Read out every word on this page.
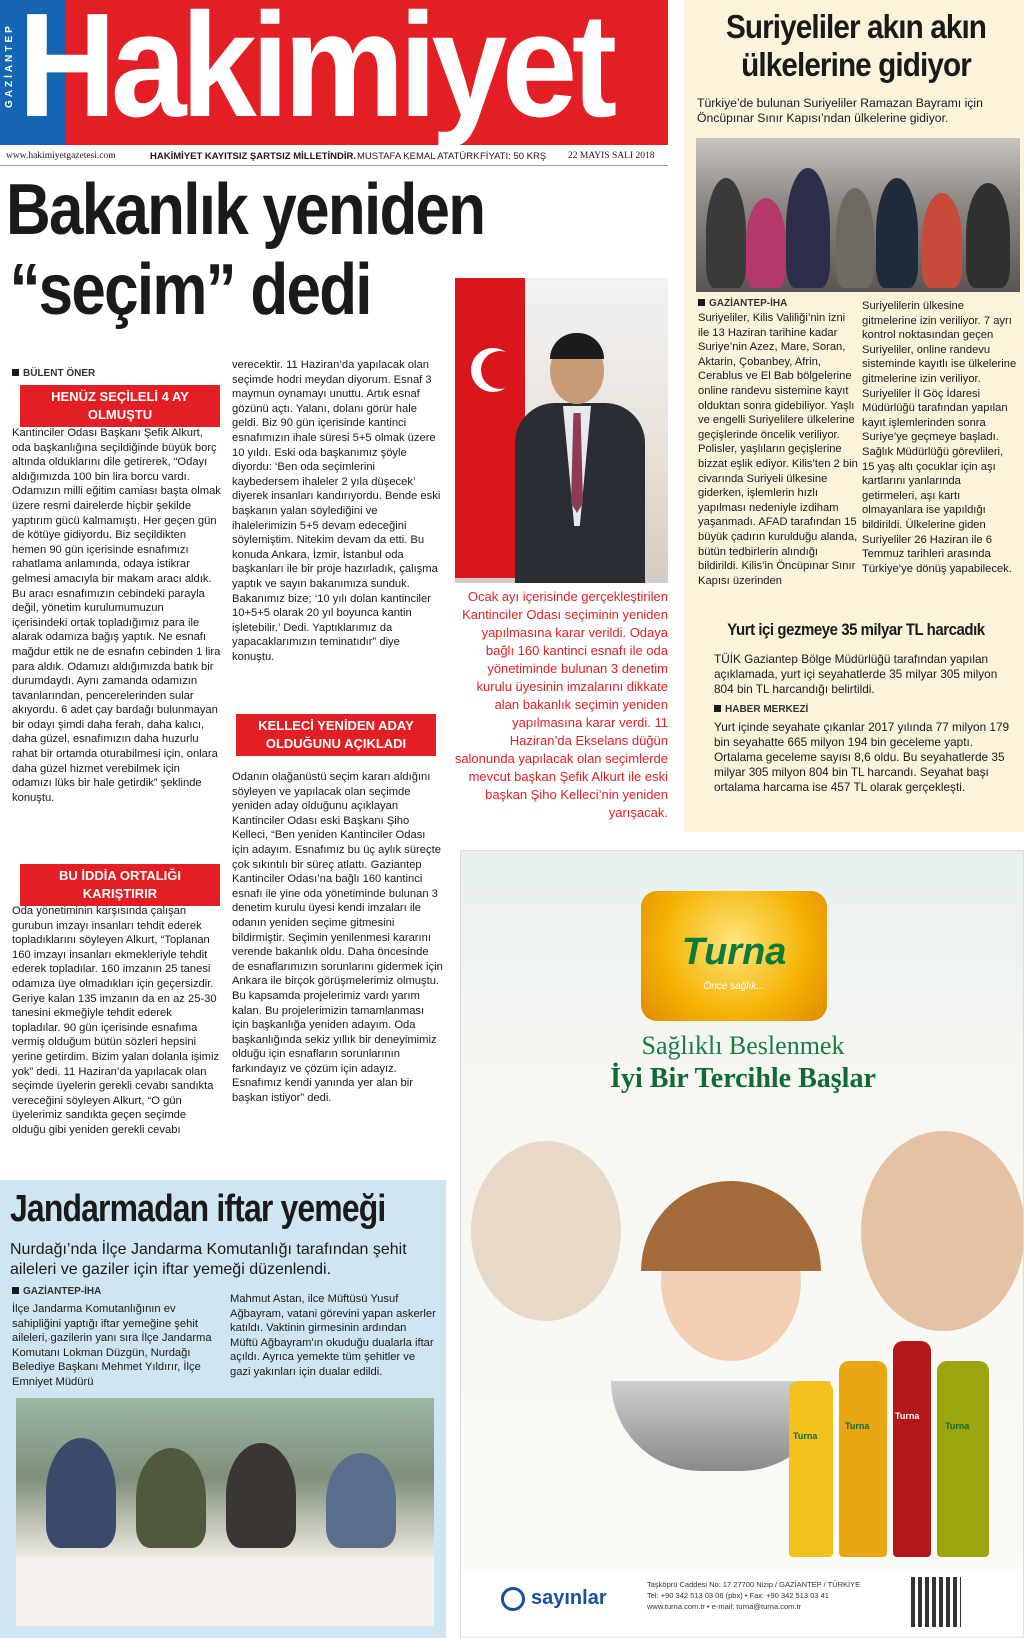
GAZİANTEP Hakimiyet
www.hakimiyetgazetesi.com	HAKİMİYET KAYITSIZ ŞARTSIZ MİLLETİNDİR. MUSTAFA KEMAL ATATÜRK FİYATI: 50 KRŞ 22 MAYIS SALI 2018
Bakanlık yeniden
“seçim” dedi
BÜLENT ÖNER
HENÜZ SEÇİLELİ 4 AY OLMUŞTU

Kantinciler Odası Başkanı Şefik Alkurt, oda başkanlığına seçildiğinde büyük borç altında olduklarını dile getirerek, “Odayı aldığımızda 100 bin lira borcu vardı. Odamızın milli eğitim camiası başta olmak üzere resmi dairelerde hiçbir şekilde yaptırım gücü kalmamıştı. Her geçen gün de kötüye gidiyordu. Biz seçildikten hemen 90 gün içerisinde esnafımızı rahatlama anlamında, odaya istikrar gelmesi amacıyla bir makam aracı aldık. Bu aracı esnafımızın cebindeki parayla değil, yönetim kurulumumuzun içerisindeki ortak topladığımız para ile alarak odamıza bağış yaptık. Ne esnafı mağdur ettik ne de esnafın cebinden 1 lira para aldık. Odamızı aldığımızda batık bir durumdaydı. Aynı zamanda odamızın tavanlarından, pencerelerinden sular akıyordu. 6 adet çay bardağı bulunmayan bir odayı şimdi daha ferah, daha kalıcı, daha güzel, esnafımızın daha huzurlu rahat bir ortamda oturabilmesi için, onlara daha güzel hizmet verebilmek için odamızı lüks bir hale getirdik” şeklinde konuştu.

BU İDDİA ORTALIĞI KARIŞTIRIR

Oda yönetiminin karşısında çalışan gurubun imzayı insanları tehdit ederek topladıklarını söyleyen Alkurt, “Toplanan 160 imzayı insanları ekmekleriyle tehdit ederek topladılar. 160 imzanın 25 tanesi odamıza üye olmadıkları için geçersizdir. Geriye kalan 135 imzanın da en az 25-30 tanesini ekmeğiyle tehdit ederek topladılar. 90 gün içerisinde esnafıma vermiş olduğum bütün sözleri hepsini yerine getirdim. Bizim yalan dolanla işimiz yok” dedi. 11 Haziran’da yapılacak olan seçimde üyelerin gerekli cevabı sandıkta vereceğini söyleyen Alkurt, “O gün üyelerimiz sandıkta geçen seçimde olduğu gibi yeniden gerekli cevabı

verecektir. 11 Haziran’da yapılacak olan seçimde hodri meydan diyorum. Esnaf 3 maymun oynamayı unuttu. Artık esnaf gözünü açtı. Yalanı, dolanı görür hale geldi. Biz 90 gün içerisinde kantinci esnafımızın ihale süresi 5+5 olmak üzere 10 yıldı. Eski oda başkanımız şöyle diyordu: ‘Ben oda seçimlerini kaybedersem ihaleler 2 yıla düşecek’ diyerek insanları kandırıyordu. Bende eski başkanın yalan söylediğini ve ihalelerimizin 5+5 devam edeceğini söylemiştim. Nitekim devam da etti. Bu konuda Ankara, İzmir, İstanbul oda başkanları ile bir proje hazırladık, çalışma yaptık ve sayın bakanımıza sunduk. Bakanımız bize; ‘10 yılı dolan kantinciler 10+5+5 olarak 20 yıl boyunca kantin işletebilir.’ Dedi. Yaptıklarımız da yapacaklarımızın teminatıdır” diye konuştu.

KELLECİ YENİDEN ADAY OLDUĞUNU AÇIKLADI

Odanın olağanüstü seçim kararı aldığını söyleyen ve yapılacak olan seçimde yeniden aday olduğunu açıklayan Kantinciler Odası eski Başkanı Şiho Kelleci, “Ben yeniden Kantinciler Odası için adayım. Esnafımız bu üç aylık süreçte çok sıkıntılı bir süreç atlattı. Gaziantep Kantinciler Odası’na bağlı 160 kantinci esnafı ile yine oda yönetiminde bulunan 3 denetim kurulu üyesi kendi imzaları ile odanın yeniden seçime gitmesini bildirmiştir. Seçimin yenilenmesi kararını verende bakanlık oldu. Daha öncesinde de esnaflarımızın sorunlarını gidermek için Ankara ile birçok görüşmelerimiz olmuştu. Bu kapsamda projelerimiz vardı yarım kalan. Bu projelerimizin tamamlanması için başkanlığa yeniden adayım. Oda başkanlığında sekiz yıllık bir deneyimimiz olduğu için esnafların sorunlarının farkındayız ve çözüm için adayız. Esnafımız kendi yanında yer alan bir başkan istiyor” dedi.

Ocak ayı içerisinde gerçekleştirilen Kantinciler Odası seçiminin yeniden yapılmasına karar verildi. Odaya bağlı 160 kantinci esnafı ile oda yönetiminde bulunan 3 denetim kurulu üyesinin imzalarını dikkate alan bakanlık seçimin yeniden yapılmasına karar verdi. 11 Haziran’da Ekselans düğün salonunda yapılacak olan seçimlerde mevcut başkan Şefik Alkurt ile eski başkan Şiho Kelleci’nin yeniden yarışacak.
Suriyeliler akın akın ülkelerine gidiyor
Türkiye’de bulunan Suriyeliler Ramazan Bayramı için Öncüpınar Sınır Kapısı’ndan ülkelerine gidiyor.
GAZİANTEP-İHA

Suriyeliler, Kilis Valiliği’nin izni ile 13 Haziran tarihine kadar Suriye’nin Azez, Mare, Soran, Aktarin, Çobanbey, Afrin, Cerablus ve El Bab bölgelerine online randevu sistemine kayıt olduktan sonra gidebiliyor. Yaşlı ve engelli Suriyelilere ülkelerine geçişlerinde öncelik veriliyor. Polisler, yaşlıların geçişlerine bizzat eşlik ediyor. Kilis’ten 2 bin civarında Suriyeli ülkesine giderken, işlemlerin hızlı yapılması nedeniyle izdiham yaşanmadı. AFAD tarafından 15 büyük çadırın kurulduğu alanda, bütün tedbirlerin alındığı bildirildi. Kilis’in Öncüpınar Sınır Kapısı üzerinden

Suriyelilerin ülkesine gitmelerine izin veriliyor. 7 ayrı kontrol noktasından geçen Suriyeliler, online randevu sisteminde kayıtlı ise ülkelerine gitmelerine izin veriliyor. Suriyeliler İl Göç İdaresi Müdürlüğü tarafından yapılan kayıt işlemlerinden sonra Suriye’ye geçmeye başladı. Sağlık Müdürlüğü görevlileri, 15 yaş altı çocuklar için aşı kartlarını yanlarında getirmeleri, aşı kartı olmayanlara ise yapıldığı bildirildi. Ülkelerine giden Suriyeliler 26 Haziran ile 6 Temmuz tarihleri arasında Türkiye’ye dönüş yapabilecek.

Yurt içi gezmeye 35 milyar TL harcadık

TÜİK Gaziantep Bölge Müdürlüğü tarafından yapılan açıklamada, yurt içi seyahatlerde 35 milyar 305 milyon 804 bin TL harcandığı belirtildi.

HABER MERKEZİ

Yurt içinde seyahate çıkanlar 2017 yılında 77 milyon 179 bin seyahatte 665 milyon 194 bin geceleme yaptı. Ortalama geceleme sayısı 8,6 oldu. Bu seyahatlerde 35 milyar 305 milyon 804 bin TL harcandı. Seyahat başı ortalama harcama ise 457 TL olarak gerçekleşti.

Jandarmadan iftar yemeği
Nurdağı’nda İlçe Jandarma Komutanlığı tarafından şehit aileleri ve gaziler için iftar yemeği düzenlendi.
GAZİANTEP-İHA

İlçe Jandarma Komutanlığının ev sahipliğini yaptığı iftar yemeğine şehit aileleri, gazilerin yanı sıra İlçe Jandarma Komutanı Lokman Düzgün, Nurdağı Belediye Başkanı Mehmet Yıldırır, İlçe Emniyet Müdürü

Mahmut Astan, ilce Müftüsü Yusuf Ağbayram, vatani görevini yapan askerler katıldı. Vaktinin girmesinin ardından Müftü Ağbayram'ın okuduğu dualarla iftar açıldı. Ayrıca yemekte tüm şehitler ve gazi yakınları için dualar edildi.

Turna
Önce sağlık...
Sağlıklı Beslenmek
İyi Bir Tercihle Başlar
Turna
Turna
Turna
Turna
sayınlar
Taşköprü Caddesi No: 17 27700 Nizip / GAZİANTEP / TÜRKİYE
Tel: +90 342 513 03 06 (pbx) • Fax: +90 342 513 03 41
www.turna.com.tr • e-mail: turna@turna.com.tr
